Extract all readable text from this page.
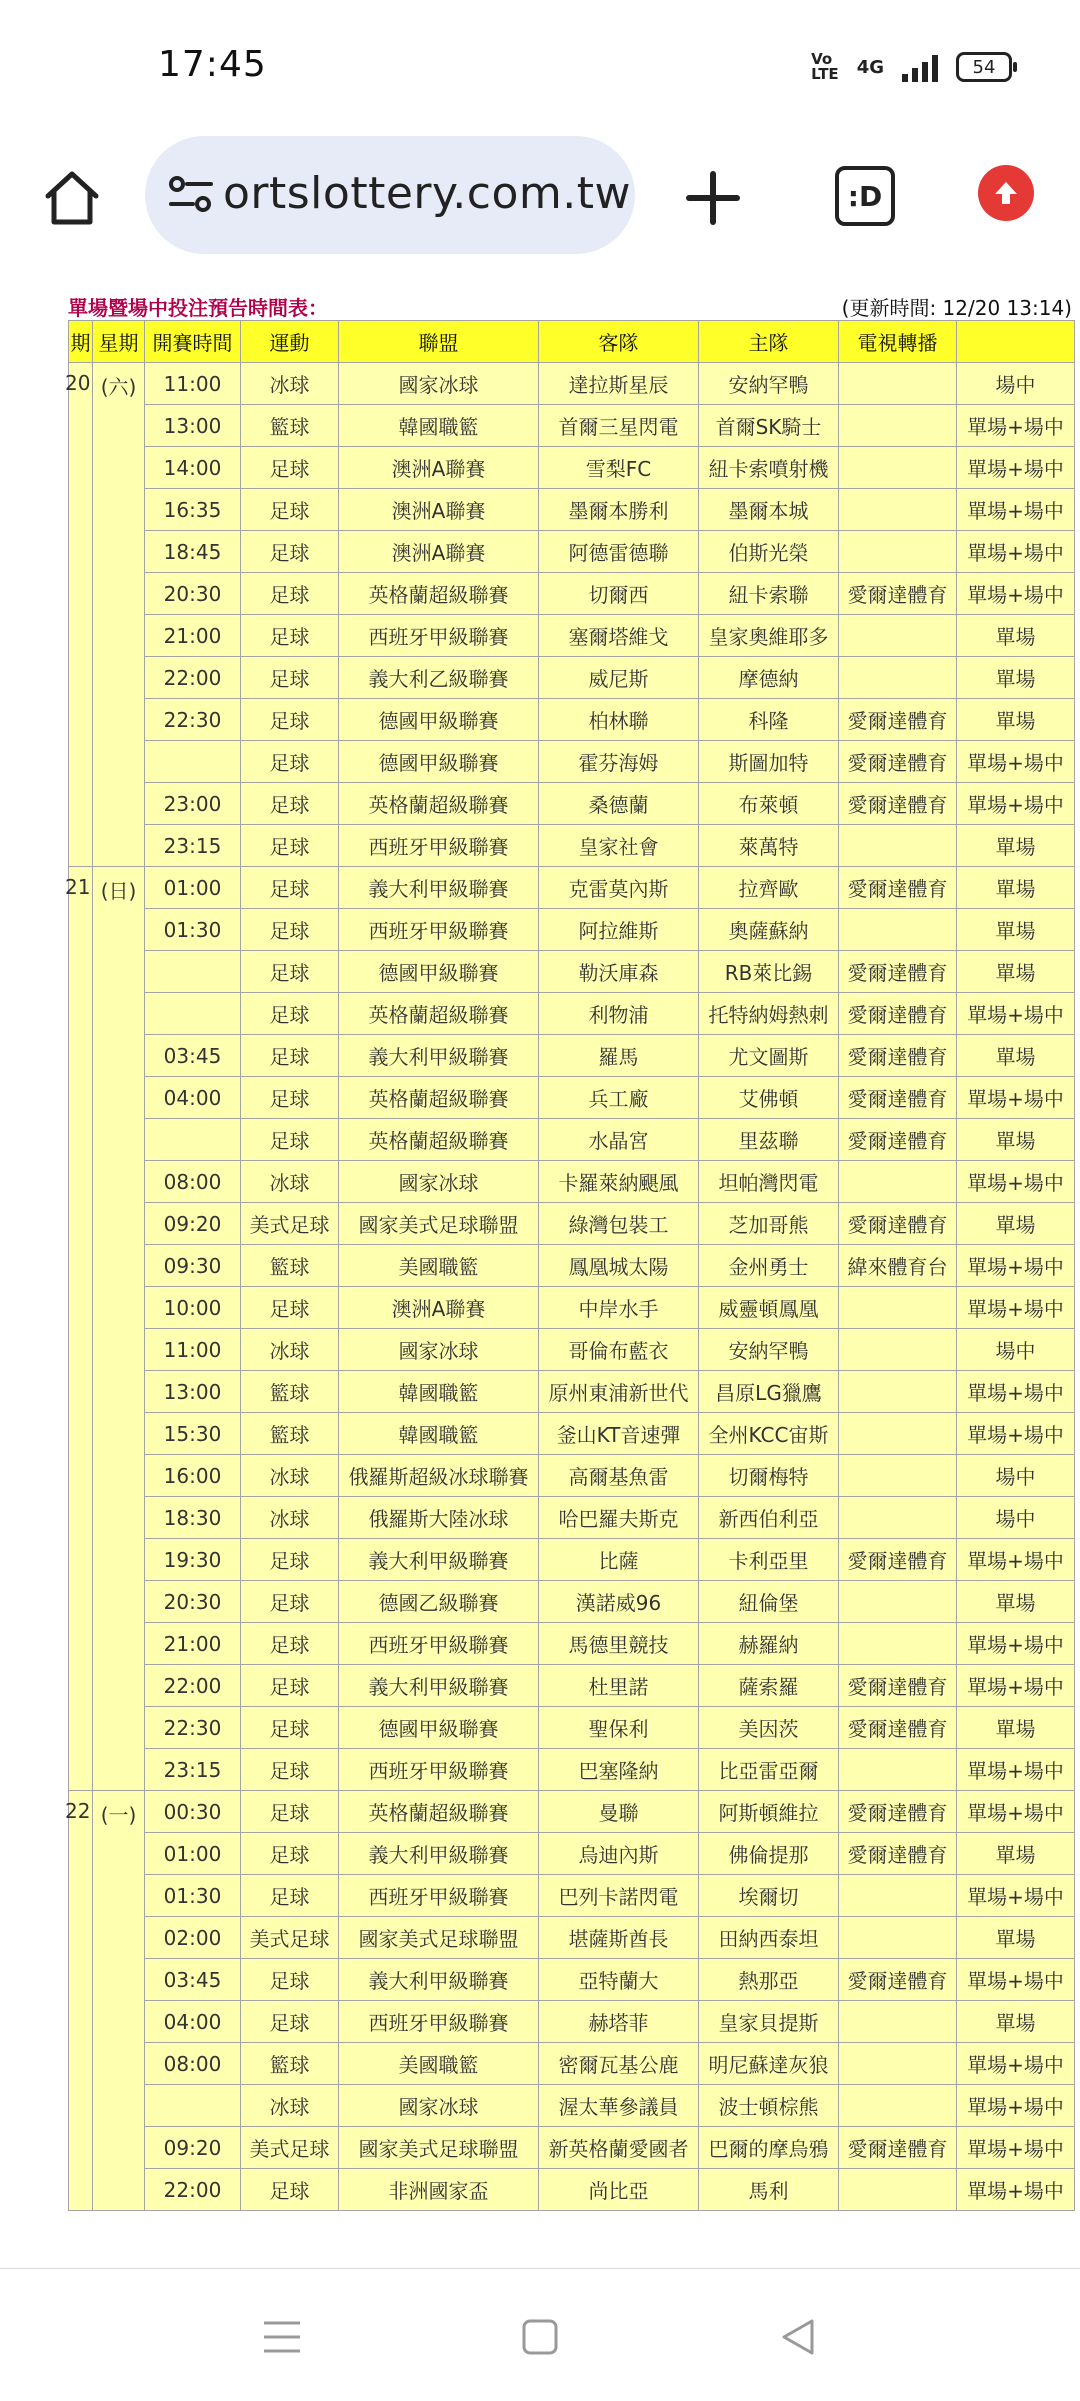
17:45	Vo
LTE 4G	54
ortslottery.com.tw	:D
單場暨場中投注預告時間表：	(更新時間: 12/20 13:14)
期	星期	開賽時間	運動	聯盟	客隊	主隊	電視轉播	
20	(六)	11:00	冰球	國家冰球	達拉斯星辰	安納罕鴨		場中
		13:00	籃球	韓國職籃	首爾三星閃電	首爾SK騎士		單場+場中
		14:00	足球	澳洲A聯賽	雪梨FC	紐卡索噴射機		單場+場中
		16:35	足球	澳洲A聯賽	墨爾本勝利	墨爾本城		單場+場中
		18:45	足球	澳洲A聯賽	阿德雷德聯	伯斯光榮		單場+場中
		20:30	足球	英格蘭超級聯賽	切爾西	紐卡索聯	愛爾達體育	單場+場中
		21:00	足球	西班牙甲級聯賽	塞爾塔維戈	皇家奧維耶多		單場
		22:00	足球	義大利乙級聯賽	威尼斯	摩德納		單場
		22:30	足球	德國甲級聯賽	柏林聯	科隆	愛爾達體育	單場
			足球	德國甲級聯賽	霍芬海姆	斯圖加特	愛爾達體育	單場+場中
		23:00	足球	英格蘭超級聯賽	桑德蘭	布萊頓	愛爾達體育	單場+場中
		23:15	足球	西班牙甲級聯賽	皇家社會	萊萬特		單場
21	(日)	01:00	足球	義大利甲級聯賽	克雷莫內斯	拉齊歐	愛爾達體育	單場
		01:30	足球	西班牙甲級聯賽	阿拉維斯	奧薩蘇納		單場
			足球	德國甲級聯賽	勒沃庫森	RB萊比錫	愛爾達體育	單場
			足球	英格蘭超級聯賽	利物浦	托特納姆熱刺	愛爾達體育	單場+場中
		03:45	足球	義大利甲級聯賽	羅馬	尤文圖斯	愛爾達體育	單場
		04:00	足球	英格蘭超級聯賽	兵工廠	艾佛頓	愛爾達體育	單場+場中
			足球	英格蘭超級聯賽	水晶宮	里茲聯	愛爾達體育	單場
		08:00	冰球	國家冰球	卡羅萊納颶風	坦帕灣閃電		單場+場中
		09:20	美式足球	國家美式足球聯盟	綠灣包裝工	芝加哥熊	愛爾達體育	單場
		09:30	籃球	美國職籃	鳳凰城太陽	金州勇士	緯來體育台	單場+場中
		10:00	足球	澳洲A聯賽	中岸水手	威靈頓鳳凰		單場+場中
		11:00	冰球	國家冰球	哥倫布藍衣	安納罕鴨		場中
		13:00	籃球	韓國職籃	原州東浦新世代	昌原LG獵鷹		單場+場中
		15:30	籃球	韓國職籃	釜山KT音速彈	全州KCC宙斯		單場+場中
		16:00	冰球	俄羅斯超級冰球聯賽	高爾基魚雷	切爾梅特		場中
		18:30	冰球	俄羅斯大陸冰球	哈巴羅夫斯克	新西伯利亞		場中
		19:30	足球	義大利甲級聯賽	比薩	卡利亞里	愛爾達體育	單場+場中
		20:30	足球	德國乙級聯賽	漢諾威96	紐倫堡		單場
		21:00	足球	西班牙甲級聯賽	馬德里競技	赫羅納		單場+場中
		22:00	足球	義大利甲級聯賽	杜里諾	薩索羅	愛爾達體育	單場+場中
		22:30	足球	德國甲級聯賽	聖保利	美因茨	愛爾達體育	單場
		23:15	足球	西班牙甲級聯賽	巴塞隆納	比亞雷亞爾		單場+場中
22	(一)	00:30	足球	英格蘭超級聯賽	曼聯	阿斯頓維拉	愛爾達體育	單場+場中
		01:00	足球	義大利甲級聯賽	烏迪內斯	佛倫提那	愛爾達體育	單場
		01:30	足球	西班牙甲級聯賽	巴列卡諾閃電	埃爾切		單場+場中
		02:00	美式足球	國家美式足球聯盟	堪薩斯酋長	田納西泰坦		單場
		03:45	足球	義大利甲級聯賽	亞特蘭大	熱那亞	愛爾達體育	單場+場中
		04:00	足球	西班牙甲級聯賽	赫塔菲	皇家貝提斯		單場
		08:00	籃球	美國職籃	密爾瓦基公鹿	明尼蘇達灰狼		單場+場中
			冰球	國家冰球	渥太華參議員	波士頓棕熊		單場+場中
		09:20	美式足球	國家美式足球聯盟	新英格蘭愛國者	巴爾的摩烏鴉	愛爾達體育	單場+場中
		22:00	足球	非洲國家盃	尚比亞	馬利		單場+場中
